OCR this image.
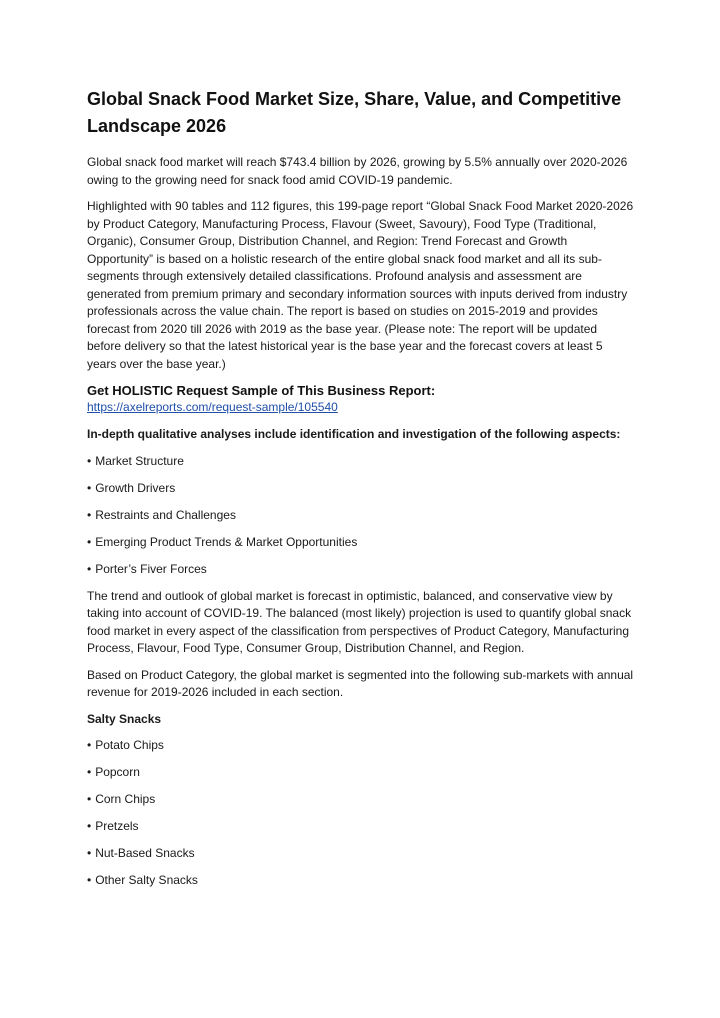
Global Snack Food Market Size, Share, Value, and Competitive Landscape 2026

Global snack food market will reach $743.4 billion by 2026, growing by 5.5% annually over 2020-2026 owing to the growing need for snack food amid COVID-19 pandemic.

Highlighted with 90 tables and 112 figures, this 199-page report “Global Snack Food Market 2020-2026 by Product Category, Manufacturing Process, Flavour (Sweet, Savoury), Food Type (Traditional, Organic), Consumer Group, Distribution Channel, and Region: Trend Forecast and Growth Opportunity” is based on a holistic research of the entire global snack food market and all its sub-segments through extensively detailed classifications. Profound analysis and assessment are generated from premium primary and secondary information sources with inputs derived from industry professionals across the value chain. The report is based on studies on 2015-2019 and provides forecast from 2020 till 2026 with 2019 as the base year. (Please note: The report will be updated before delivery so that the latest historical year is the base year and the forecast covers at least 5 years over the base year.)

Get HOLISTIC Request Sample of This Business Report:
https://axelreports.com/request-sample/105540

In-depth qualitative analyses include identification and investigation of the following aspects:

• Market Structure
• Growth Drivers
• Restraints and Challenges
• Emerging Product Trends & Market Opportunities
• Porter’s Fiver Forces

The trend and outlook of global market is forecast in optimistic, balanced, and conservative view by taking into account of COVID-19. The balanced (most likely) projection is used to quantify global snack food market in every aspect of the classification from perspectives of Product Category, Manufacturing Process, Flavour, Food Type, Consumer Group, Distribution Channel, and Region.

Based on Product Category, the global market is segmented into the following sub-markets with annual revenue for 2019-2026 included in each section.

Salty Snacks

• Potato Chips
• Popcorn
• Corn Chips
• Pretzels
• Nut-Based Snacks
• Other Salty Snacks
